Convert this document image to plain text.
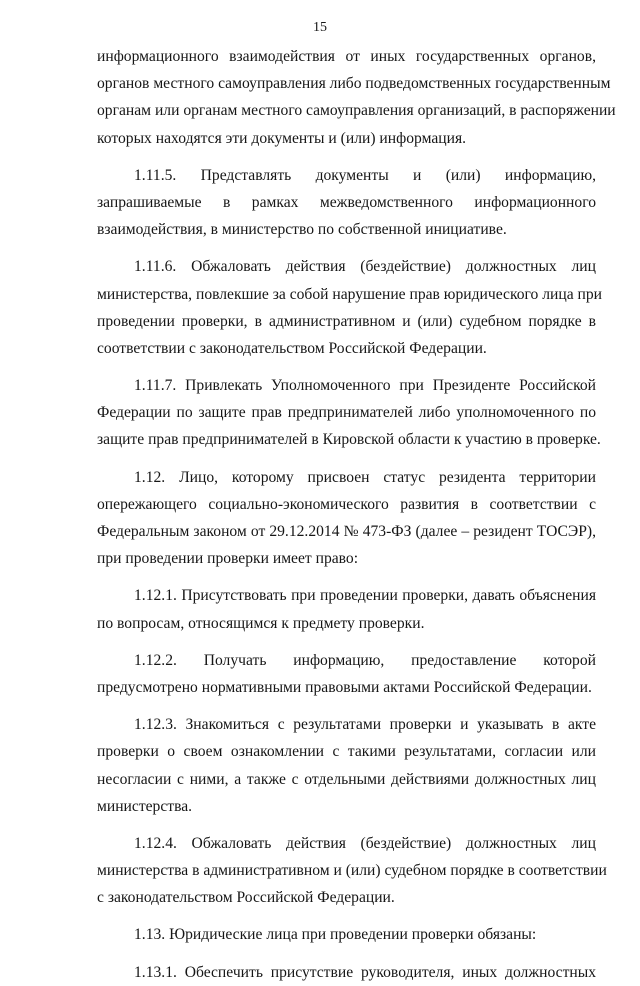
15
информационного взаимодействия от иных государственных органов,
органов местного самоуправления либо подведомственных государственным
органам или органам местного самоуправления организаций, в распоряжении
которых находятся эти документы и (или) информация.
1.11.5. Представлять документы и (или) информацию,
запрашиваемые в рамках межведомственного информационного
взаимодействия, в министерство по собственной инициативе.
1.11.6. Обжаловать действия (бездействие) должностных лиц
министерства, повлекшие за собой нарушение прав юридического лица при
проведении проверки, в административном и (или) судебном порядке в
соответствии с законодательством Российской Федерации.
1.11.7. Привлекать Уполномоченного при Президенте Российской
Федерации по защите прав предпринимателей либо уполномоченного по
защите прав предпринимателей в Кировской области к участию в проверке.
1.12. Лицо, которому присвоен статус резидента территории
опережающего социально-экономического развития в соответствии с
Федеральным законом от 29.12.2014 № 473-ФЗ (далее – резидент ТОСЭР),
при проведении проверки имеет право:
1.12.1. Присутствовать при проведении проверки, давать объяснения
по вопросам, относящимся к предмету проверки.
1.12.2. Получать информацию, предоставление которой
предусмотрено нормативными правовыми актами Российской Федерации.
1.12.3. Знакомиться с результатами проверки и указывать в акте
проверки о своем ознакомлении с такими результатами, согласии или
несогласии с ними, а также с отдельными действиями должностных лиц
министерства.
1.12.4. Обжаловать действия (бездействие) должностных лиц
министерства в административном и (или) судебном порядке в соответствии
с законодательством Российской Федерации.
1.13. Юридические лица при проведении проверки обязаны:
1.13.1. Обеспечить присутствие руководителя, иных должностных
